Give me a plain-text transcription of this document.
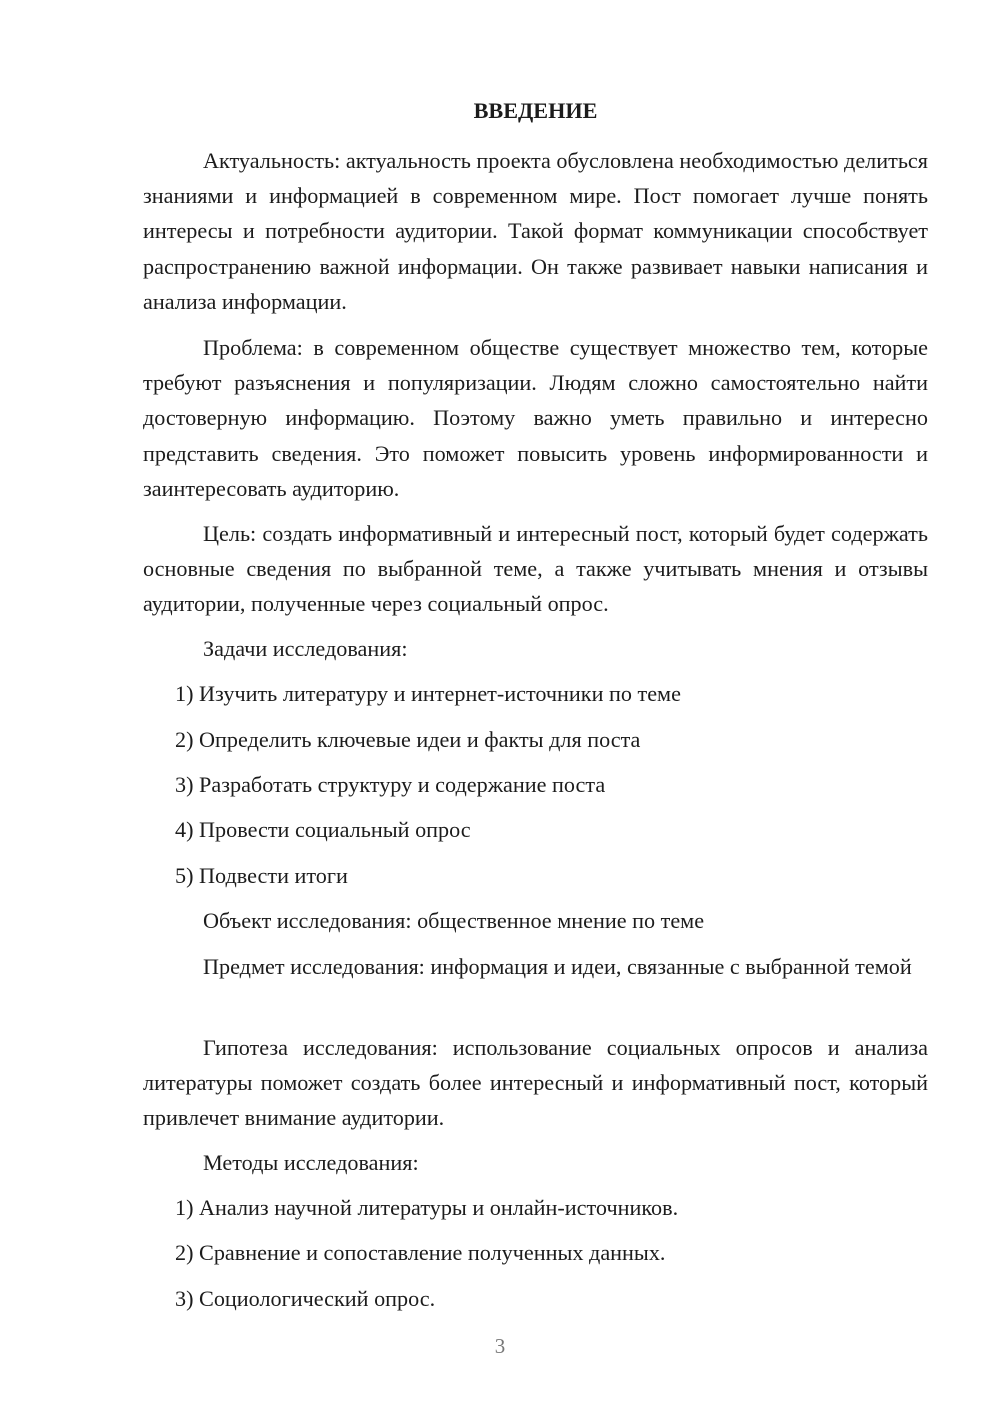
ВВЕДЕНИЕ

Актуальность: актуальность проекта обусловлена необходимостью делиться знаниями и информацией в современном мире. Пост помогает лучше понять интересы и потребности аудитории. Такой формат коммуникации способствует распространению важной информации. Он также развивает навыки написания и анализа информации.

Проблема: в современном обществе существует множество тем, которые требуют разъяснения и популяризации. Людям сложно самостоятельно найти достоверную информацию. Поэтому важно уметь правильно и интересно представить сведения. Это поможет повысить уровень информированности и заинтересовать аудиторию.

Цель: создать информативный и интересный пост, который будет содержать основные сведения по выбранной теме, а также учитывать мнения и отзывы аудитории, полученные через социальный опрос.

Задачи исследования:

1) Изучить литературу и интернет-источники по теме

2) Определить ключевые идеи и факты для поста

3) Разработать структуру и содержание поста

4) Провести социальный опрос

5) Подвести итоги

Объект исследования: общественное мнение по теме

Предмет исследования: информация и идеи, связанные с выбранной темой

Гипотеза исследования: использование социальных опросов и анализа литературы поможет создать более интересный и информативный пост, который привлечет внимание аудитории.

Методы исследования:

1) Анализ научной литературы и онлайн-источников.

2) Сравнение и сопоставление полученных данных.

3) Социологический опрос.

3
